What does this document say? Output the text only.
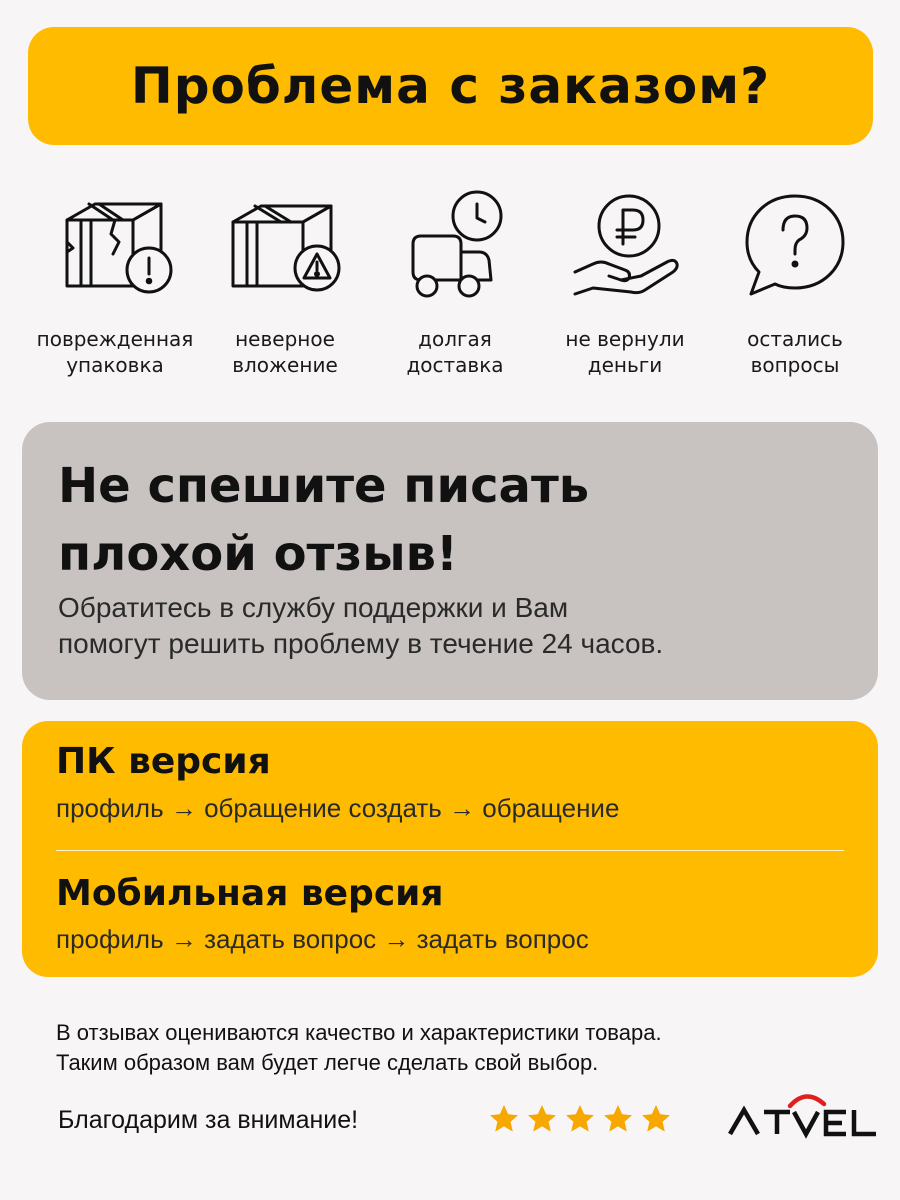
Проблема с заказом?
поврежденная
упаковка
неверное
вложение
долгая
доставка
не вернули
деньги
остались
вопросы
Не спешите писать
плохой отзыв!

Обратитесь в службу поддержки и Вам
помогут решить проблему в течение 24 часов.

ПК версия
профиль → обращение создать → обращение
Мобильная версия
профиль → задать вопрос → задать вопрос

В отзывах оцениваются качество и характеристики товара.
Таким образом вам будет легче сделать свой выбор.

Благодарим за внимание!
